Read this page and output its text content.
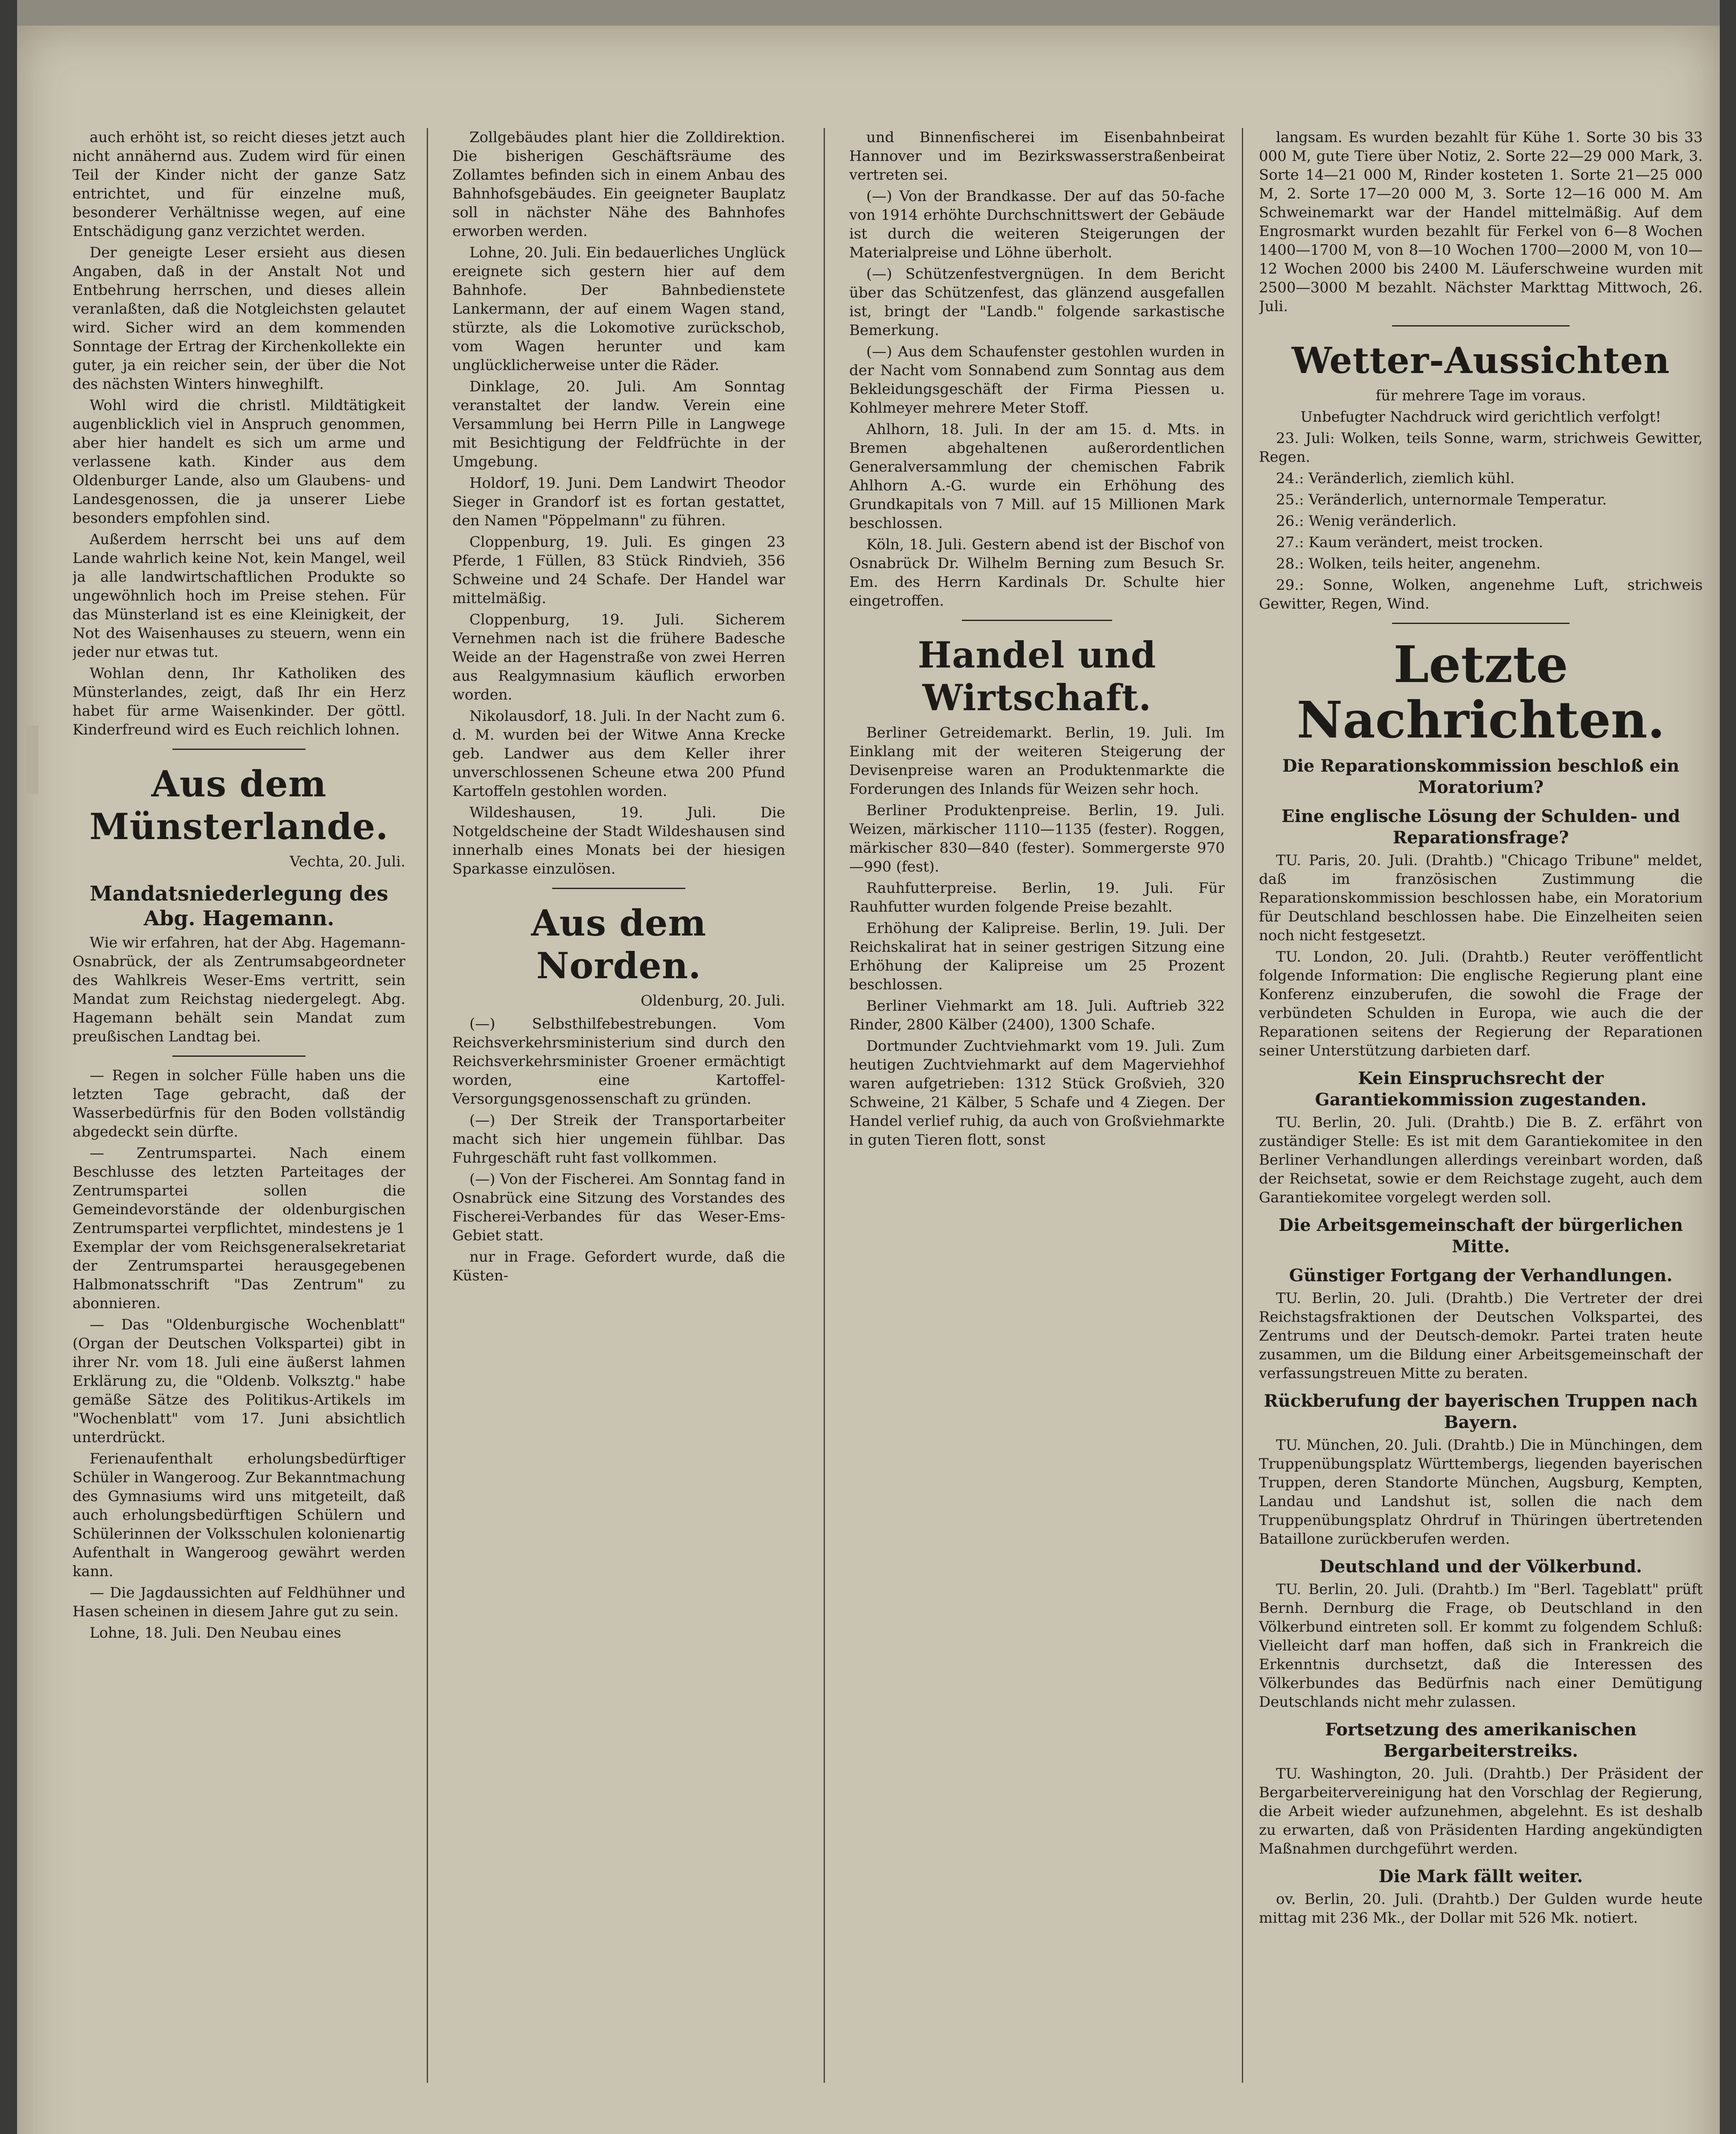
auch erhöht ist, so reicht dieses jetzt auch nicht annähernd aus. Zudem wird für einen Teil der Kinder nicht der ganze Satz entrichtet, und für einzelne muß, besonderer Verhältnisse wegen, auf eine Entschädigung ganz verzichtet werden.

Der geneigte Leser ersieht aus diesen Angaben, daß in der Anstalt Not und Entbehrung herrschen, und dieses allein veranlaßten, daß die Notgleichsten gelautet wird. Sicher wird an dem kommenden Sonntage der Ertrag der Kirchenkollekte ein guter, ja ein reicher sein, der über die Not des nächsten Winters hinweghilft.

Wohl wird die christl. Mildtätigkeit augenblicklich viel in Anspruch genommen, aber hier handelt es sich um arme und verlassene kath. Kinder aus dem Oldenburger Lande, also um Glaubens- und Landesgenossen, die ja unserer Liebe besonders empfohlen sind.

Außerdem herrscht bei uns auf dem Lande wahrlich keine Not, kein Mangel, weil ja alle landwirtschaftlichen Produkte so ungewöhnlich hoch im Preise stehen. Für das Münsterland ist es eine Kleinigkeit, der Not des Waisenhauses zu steuern, wenn ein jeder nur etwas tut.

Wohlan denn, Ihr Katholiken des Münsterlandes, zeigt, daß Ihr ein Herz habet für arme Waisenkinder. Der göttl. Kinderfreund wird es Euch reichlich lohnen.

Aus dem Münsterlande.
Vechta, 20. Juli.
Mandatsniederlegung des Abg. Hagemann.

Wie wir erfahren, hat der Abg. Hagemann-Osnabrück, der als Zentrumsabgeordneter des Wahlkreis Weser-Ems vertritt, sein Mandat zum Reichstag niedergelegt. Abg. Hagemann behält sein Mandat zum preußischen Landtag bei.

— Regen in solcher Fülle haben uns die letzten Tage gebracht, daß der Wasserbedürfnis für den Boden vollständig abgedeckt sein dürfte.

— Zentrumspartei. Nach einem Beschlusse des letzten Parteitages der Zentrumspartei sollen die Gemeindevorstände der oldenburgischen Zentrumspartei verpflichtet, mindestens je 1 Exemplar der vom Reichsgeneralsekretariat der Zentrumspartei herausgegebenen Halbmonatsschrift "Das Zentrum" zu abonnieren.

— Das "Oldenburgische Wochenblatt" (Organ der Deutschen Volkspartei) gibt in ihrer Nr. vom 18. Juli eine äußerst lahmen Erklärung zu, die "Oldenb. Volksztg." habe gemäße Sätze des Politikus-Artikels im "Wochenblatt" vom 17. Juni absichtlich unterdrückt.

Ferienaufenthalt erholungsbedürftiger Schüler in Wangeroog. Zur Bekanntmachung des Gymnasiums wird uns mitgeteilt, daß auch erholungsbedürftigen Schülern und Schülerinnen der Volksschulen kolonienartig Aufenthalt in Wangeroog gewährt werden kann.

— Die Jagdaussichten auf Feldhühner und Hasen scheinen in diesem Jahre gut zu sein.

Lohne, 18. Juli. Den Neubau eines

Zollgebäudes plant hier die Zolldirektion. Die bisherigen Geschäftsräume des Zollamtes befinden sich in einem Anbau des Bahnhofsgebäudes. Ein geeigneter Bauplatz soll in nächster Nähe des Bahnhofes erworben werden.

Lohne, 20. Juli. Ein bedauerliches Unglück ereignete sich gestern hier auf dem Bahnhofe. Der Bahnbedienstete Lankermann, der auf einem Wagen stand, stürzte, als die Lokomotive zurückschob, vom Wagen herunter und kam unglücklicherweise unter die Räder.

Dinklage, 20. Juli. Am Sonntag veranstaltet der landw. Verein eine Versammlung bei Herrn Pille in Langwege mit Besichtigung der Feldfrüchte in der Umgebung.

Holdorf, 19. Juni. Dem Landwirt Theodor Sieger in Grandorf ist es fortan gestattet, den Namen "Pöppelmann" zu führen.

Cloppenburg, 19. Juli. Es gingen 23 Pferde, 1 Füllen, 83 Stück Rindvieh, 356 Schweine und 24 Schafe. Der Handel war mittelmäßig.

Cloppenburg, 19. Juli. Sicherem Vernehmen nach ist die frühere Badesche Weide an der Hagenstraße von zwei Herren aus Realgymnasium käuflich erworben worden.

Nikolausdorf, 18. Juli. In der Nacht zum 6. d. M. wurden bei der Witwe Anna Krecke geb. Landwer aus dem Keller ihrer unverschlossenen Scheune etwa 200 Pfund Kartoffeln gestohlen worden.

Wildeshausen, 19. Juli. Die Notgeldscheine der Stadt Wildeshausen sind innerhalb eines Monats bei der hiesigen Sparkasse einzulösen.

Aus dem Norden.
Oldenburg, 20. Juli.

(—) Selbsthilfebestrebungen. Vom Reichsverkehrsministerium sind durch den Reichsverkehrsminister Groener ermächtigt worden, eine Kartoffel-Versorgungsgenossenschaft zu gründen.

(—) Der Streik der Transportarbeiter macht sich hier ungemein fühlbar. Das Fuhrgeschäft ruht fast vollkommen.

(—) Von der Fischerei. Am Sonntag fand in Osnabrück eine Sitzung des Vorstandes des Fischerei-Verbandes für das Weser-Ems-Gebiet statt.

nur in Frage. Gefordert wurde, daß die Küsten-

und Binnenfischerei im Eisenbahnbeirat Hannover und im Bezirkswasserstraßenbeirat vertreten sei.

(—) Von der Brandkasse. Der auf das 50-fache von 1914 erhöhte Durchschnittswert der Gebäude ist durch die weiteren Steigerungen der Materialpreise und Löhne überholt.

(—) Schützenfestvergnügen. In dem Bericht über das Schützenfest, das glänzend ausgefallen ist, bringt der "Landb." folgende sarkastische Bemerkung.

(—) Aus dem Schaufenster gestohlen wurden in der Nacht vom Sonnabend zum Sonntag aus dem Bekleidungsgeschäft der Firma Piessen u. Kohlmeyer mehrere Meter Stoff.

Ahlhorn, 18. Juli. In der am 15. d. Mts. in Bremen abgehaltenen außerordentlichen Generalversammlung der chemischen Fabrik Ahlhorn A.-G. wurde ein Erhöhung des Grundkapitals von 7 Mill. auf 15 Millionen Mark beschlossen.

Köln, 18. Juli. Gestern abend ist der Bischof von Osnabrück Dr. Wilhelm Berning zum Besuch Sr. Em. des Herrn Kardinals Dr. Schulte hier eingetroffen.

Handel und Wirtschaft.

Berliner Getreidemarkt. Berlin, 19. Juli. Im Einklang mit der weiteren Steigerung der Devisenpreise waren an Produktenmarkte die Forderungen des Inlands für Weizen sehr hoch.

Berliner Produktenpreise. Berlin, 19. Juli. Weizen, märkischer 1110—1135 (fester). Roggen, märkischer 830—840 (fester). Sommergerste 970—990 (fest).

Rauhfutterpreise. Berlin, 19. Juli. Für Rauhfutter wurden folgende Preise bezahlt.

Erhöhung der Kalipreise. Berlin, 19. Juli. Der Reichskalirat hat in seiner gestrigen Sitzung eine Erhöhung der Kalipreise um 25 Prozent beschlossen.

Berliner Viehmarkt am 18. Juli. Auftrieb 322 Rinder, 2800 Kälber (2400), 1300 Schafe.

Dortmunder Zuchtviehmarkt vom 19. Juli. Zum heutigen Zuchtviehmarkt auf dem Magerviehhof waren aufgetrieben: 1312 Stück Großvieh, 320 Schweine, 21 Kälber, 5 Schafe und 4 Ziegen. Der Handel verlief ruhig, da auch von Großviehmarkte in guten Tieren flott, sonst

langsam. Es wurden bezahlt für Kühe 1. Sorte 30 bis 33 000 M, gute Tiere über Notiz, 2. Sorte 22—29 000 Mark, 3. Sorte 14—21 000 M, Rinder kosteten 1. Sorte 21—25 000 M, 2. Sorte 17—20 000 M, 3. Sorte 12—16 000 M. Am Schweinemarkt war der Handel mittelmäßig. Auf dem Engrosmarkt wurden bezahlt für Ferkel von 6—8 Wochen 1400—1700 M, von 8—10 Wochen 1700—2000 M, von 10—12 Wochen 2000 bis 2400 M. Läuferschweine wurden mit 2500—3000 M bezahlt. Nächster Markttag Mittwoch, 26. Juli.

Wetter-Aussichten

für mehrere Tage im voraus.

Unbefugter Nachdruck wird gerichtlich verfolgt!

23. Juli: Wolken, teils Sonne, warm, strichweis Gewitter, Regen.

24.: Veränderlich, ziemlich kühl.

25.: Veränderlich, unternormale Temperatur.

26.: Wenig veränderlich.

27.: Kaum verändert, meist trocken.

28.: Wolken, teils heiter, angenehm.

29.: Sonne, Wolken, angenehme Luft, strichweis Gewitter, Regen, Wind.

Letzte Nachrichten.
Die Reparationskommission beschloß ein Moratorium?
Eine englische Lösung der Schulden- und Reparationsfrage?

TU. Paris, 20. Juli. (Drahtb.) "Chicago Tribune" meldet, daß im französischen Zustimmung die Reparationskommission beschlossen habe, ein Moratorium für Deutschland beschlossen habe. Die Einzelheiten seien noch nicht festgesetzt.

TU. London, 20. Juli. (Drahtb.) Reuter veröffentlicht folgende Information: Die englische Regierung plant eine Konferenz einzuberufen, die sowohl die Frage der verbündeten Schulden in Europa, wie auch die der Reparationen seitens der Regierung der Reparationen seiner Unterstützung darbieten darf.

Kein Einspruchsrecht der Garantiekommission zugestanden.

TU. Berlin, 20. Juli. (Drahtb.) Die B. Z. erfährt von zuständiger Stelle: Es ist mit dem Garantiekomitee in den Berliner Verhandlungen allerdings vereinbart worden, daß der Reichsetat, sowie er dem Reichstage zugeht, auch dem Garantiekomitee vorgelegt werden soll.

Die Arbeitsgemeinschaft der bürgerlichen Mitte.
Günstiger Fortgang der Verhandlungen.

TU. Berlin, 20. Juli. (Drahtb.) Die Vertreter der drei Reichstagsfraktionen der Deutschen Volkspartei, des Zentrums und der Deutsch-demokr. Partei traten heute zusammen, um die Bildung einer Arbeitsgemeinschaft der verfassungstreuen Mitte zu beraten.

Rückberufung der bayerischen Truppen nach Bayern.

TU. München, 20. Juli. (Drahtb.) Die in Münchingen, dem Truppenübungsplatz Württembergs, liegenden bayerischen Truppen, deren Standorte München, Augsburg, Kempten, Landau und Landshut ist, sollen die nach dem Truppenübungsplatz Ohrdruf in Thüringen übertretenden Bataillone zurückberufen werden.

Deutschland und der Völkerbund.

TU. Berlin, 20. Juli. (Drahtb.) Im "Berl. Tageblatt" prüft Bernh. Dernburg die Frage, ob Deutschland in den Völkerbund eintreten soll. Er kommt zu folgendem Schluß: Vielleicht darf man hoffen, daß sich in Frankreich die Erkenntnis durchsetzt, daß die Interessen des Völkerbundes das Bedürfnis nach einer Demütigung Deutschlands nicht mehr zulassen.

Fortsetzung des amerikanischen Bergarbeiterstreiks.

TU. Washington, 20. Juli. (Drahtb.) Der Präsident der Bergarbeitervereinigung hat den Vorschlag der Regierung, die Arbeit wieder aufzunehmen, abgelehnt. Es ist deshalb zu erwarten, daß von Präsidenten Harding angekündigten Maßnahmen durchgeführt werden.

Die Mark fällt weiter.

ov. Berlin, 20. Juli. (Drahtb.) Der Gulden wurde heute mittag mit 236 Mk., der Dollar mit 526 Mk. notiert.
